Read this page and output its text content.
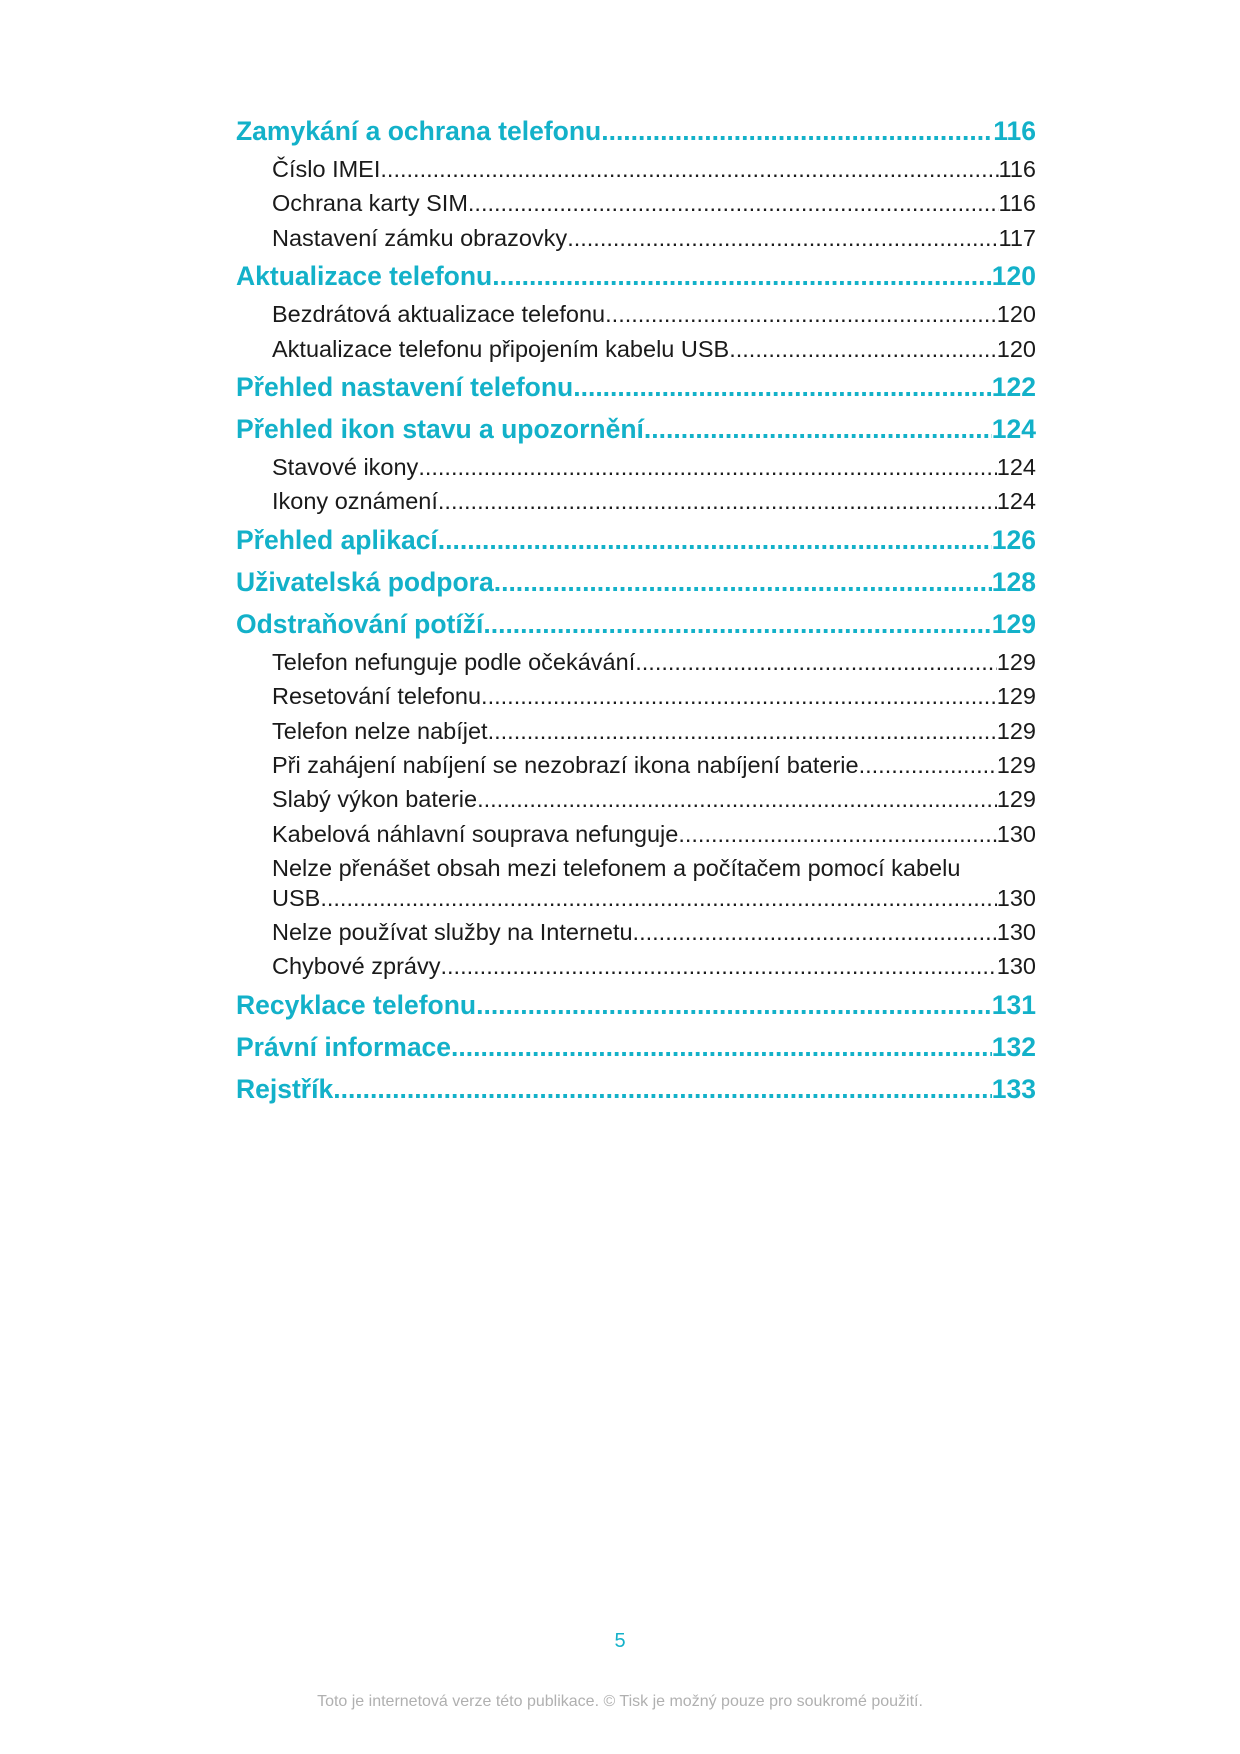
Zamykání a ochrana telefonu .....	116
Číslo IMEI .....	116
Ochrana karty SIM .....	116
Nastavení zámku obrazovky .....	117
Aktualizace telefonu .....	120
Bezdrátová aktualizace telefonu .....	120
Aktualizace telefonu připojením kabelu USB .....	120
Přehled nastavení telefonu .....	122
Přehled ikon stavu a upozornění .....	124
Stavové ikony .....	124
Ikony oznámení .....	124
Přehled aplikací .....	126
Uživatelská podpora .....	128
Odstraňování potíží .....	129
Telefon nefunguje podle očekávání .....	129
Resetování telefonu .....	129
Telefon nelze nabíjet .....	129
Při zahájení nabíjení se nezobrazí ikona nabíjení baterie .....	129
Slabý výkon baterie .....	129
Kabelová náhlavní souprava nefunguje .....	130
Nelze přenášet obsah mezi telefonem a počítačem pomocí kabelu
USB .....	130
Nelze používat služby na Internetu .....	130
Chybové zprávy .....	130
Recyklace telefonu .....	131
Právní informace .....	132
Rejstřík .....	133
5
Toto je internetová verze této publikace. © Tisk je možný pouze pro soukromé použití.
